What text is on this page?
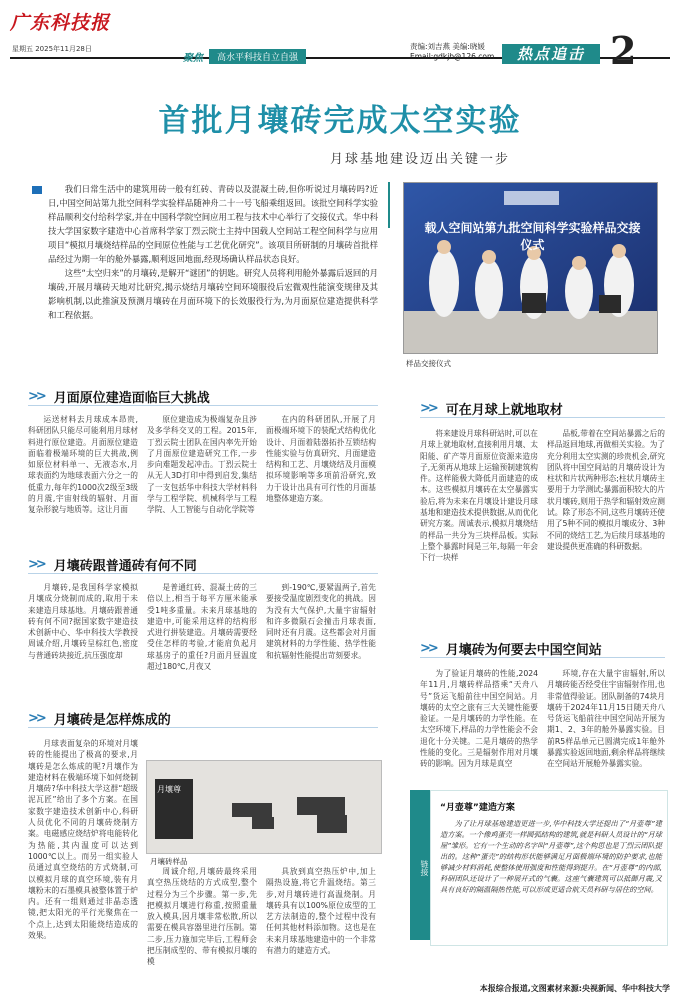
广东科技报
星期五 2025年11月28日
聚焦	高水平科技自立自强
责编:刘吉燕 美编:晓媛
Email:gdkjb@126.com	热点追击 2
首批月壤砖完成太空实验
月球基地建设迈出关键一步

我们日常生活中的建筑用砖一般有红砖、青砖以及混凝土砖,但你听说过月壤砖吗?近日,中国空间站第九批空间科学实验样品随神舟二十一号飞船乘组返回。该批空间科学实验样品顺利交付给科学家,并在中国科学院空间应用工程与技术中心举行了交接仪式。华中科技大学国家数字建造中心首席科学家丁烈云院士主持中国载人空间站工程空间科学与应用项目“模拟月壤烧结样品的空间原位性能与工艺优化研究”。该项目所研制的月壤砖首批样品经过为期一年的舱外暴露,顺利返回地面,经现场确认样品状态良好。

这些“太空归来”的月壤砖,是解开“谜团”的钥匙。研究人员将利用舱外暴露后返回的月壤砖,开展月壤砖天地对比研究,揭示烧结月壤砖空间环境服役后宏微观性能演变规律及其影响机制,以此推演及预测月壤砖在月面环境下的长效服役行为,为月面原位建造提供科学和工程依据。

载人空间站第九批空间科学实验样品交接仪式
样品交接仪式
>> 月面原位建造面临巨大挑战

运送材料去月球成本昂贵,科研团队只能尽可能利用月球材料进行原位建造。月面原位建造面临着极端环境的巨大挑战,例如原位材料单一、无液态水,月球表面约为地球表面六分之一的低重力,每年约1000次2级至3级的月震,宇宙射线的辐射、月面复杂形貌与地质等。这让月面

原位建造成为极端复杂且涉及多学科交叉的工程。2015年,丁烈云院士团队在国内率先开始了月面原位建造研究工作,一步步向难题发起冲击。丁烈云院士从无人3D打印中得到启发,集结了一支包括华中科技大学材料科学与工程学院、机械科学与工程学院、人工智能与自动化学院等

在内的科研团队,开展了月面极端环境下的装配式结构优化设计、月面着陆器拓扑互锁结构性能实验与仿真研究、月面建造结构和工艺、月壤烧结及月面模拟环境影响等多项前沿研究,致力于设计出具有可行性的月面基地整体建造方案。

>> 可在月球上就地取材

将来建设月球科研站时,可以在月球上就地取材,直接利用月壤、太阳能、矿产等月面原位资源来造房子,无须再从地球上运输预制建筑构件。这样能极大降低月面建造的成本。这些模拟月壤砖在太空暴露实验后,将为未来在月壤设计建设月球基地和建造技术提供数据,从而优化研究方案。周诚表示,模拟月壤烧结的样品一共分为三块样品板。实际上整个暴露时间是三年,每隔一年会下行一块样

品板,带着在空间站暴露之后的样品返回地球,再做相关实验。为了充分利用太空实测的珍贵机会,研究团队将中国空间站的月壤砖设计为柱状和片状两种形态;柱状月壤砖主要用于力学测试;暴露面积较大的片状月壤砖,则用于热学和辐射效应测试。除了形态不同,这些月壤砖还使用了5种不同的模拟月壤成分、3种不同的烧结工艺,为后续月球基地的建设提供更准确的科研数据。

>> 月壤砖跟普通砖有何不同

月壤砖,是我国科学家模拟月壤成分烧制而成的,取用于未来建造月球基地。月壤砖跟普通砖有何不同?据国家数字建造技术创新中心、华中科技大学教授周诚介绍,月壤砖呈棕红色,密度与普通砖块接近,抗压强度却

是普通红砖、混凝土砖的三倍以上,相当于每平方厘米能承受1吨多重量。未来月球基地的建造中,可能采用这样的结构形式进行拼装建造。月壤砖需要经受住怎样的考验,才能肩负起月球基房子的重任?月面月昼温度超过180℃,月夜又

到-190℃,要紧温两子,首先要接受温度剧烈变化的挑战。因为没有大气保护,大量宇宙辐射和许多微陨石会撞击月球表面,同时还有月震。这些都会对月面建筑材料的力学性能、热学性能和抗辐射性能提出苛刻要求。	>> 月壤砖为何要去中国空间站

为了验证月壤砖的性能,2024年11月,月壤砖样品搭乘“天舟八号”货运飞船前往中国空间站。月壤砖的太空之旅有三大关键性能要验证。一是月壤砖的力学性能。在太空环境下,样品的力学性能会不会退化十分关键。二是月壤砖的热学性能的变化。三是辐射作用对月壤砖的影响。因为月球是真空

环境,存在大量宇宙辐射,所以月壤砖能否经受住宇宙辐射作用,也非常值得验证。团队制备的74块月壤砖于2024年11月15日随天舟八号货运飞船前往中国空间站开展为期1、2、3年的舱外暴露实验。目前R5样品单元已圆满完成1年舱外暴露实验返回地面,剩余样品将继续在空间站开展舱外暴露实验。

>> 月壤砖是怎样炼成的

月球表面复杂的环境对月壤砖的性能提出了极高的要求,月壤砖是怎么炼成的呢?月壤作为建造材料在极端环境下如何烧制月壤砖?华中科技大学这群“超级泥瓦匠”给出了多个方案。在国家数字建造技术创新中心,科研人员优化不同的月壤砖烧制方案。电磁感应烧结炉将电能转化为热能,其内温度可以达到1000℃以上。而另一组实验人员通过真空烧结的方式烧制,可以模拟月球的真空环境,装有月壤粉末的石墨模具被整体置于炉内。还有一组则通过非晶态透镜,把太阳光的平行光聚焦在一个点上,达到太阳能烧结造成的效果。

月壤尊
月壤砖样品

周诚介绍,月壤砖最终采用真空热压烧结的方式成型,整个过程分为三个步骤。第一步,先把模拟月壤进行称重,按照重量放入模具,因月壤非常松散,所以需要在模具容器里进行压制。第二步,压力施加完毕后,工程师会把压制成型的、带有模拟月壤的模

具放到真空热压炉中,加上隔热设施,将它升温烧结。第三步,对月壤砖进行高温烧制。月壤砖具有以100%原位成型的工艺方法制造的,整个过程中没有任何其他材料添加物。这也是在未来月球基地建造中的一个非常有潜力的建造方式。

链接
“月壶尊”建造方案
为了让月球基地建造更进一步,华中科技大学还提出了“月壶尊”建造方案。一个像鸡蛋壳一样圆弧结构的建筑,就是科研人员设计的“月球屋”雏形。它有一个生动的名字叫“月壶尊”,这个构思也是丁烈云团队提出的。这种“蛋壳”的结构形状能够满足月面极端环境的防护要求,也能够减少材料消耗,使整体使用强度和性能得到提升。在“月壶尊”的内部,科研团队还设计了一种展开式的气囊。这座气囊建筑可以抵御月震,又具有良好的隔温隔热性能,可以形成更适合航天员科研与居住的空间。
本报综合报道,文图素材来源:央视新闻、华中科技大学
